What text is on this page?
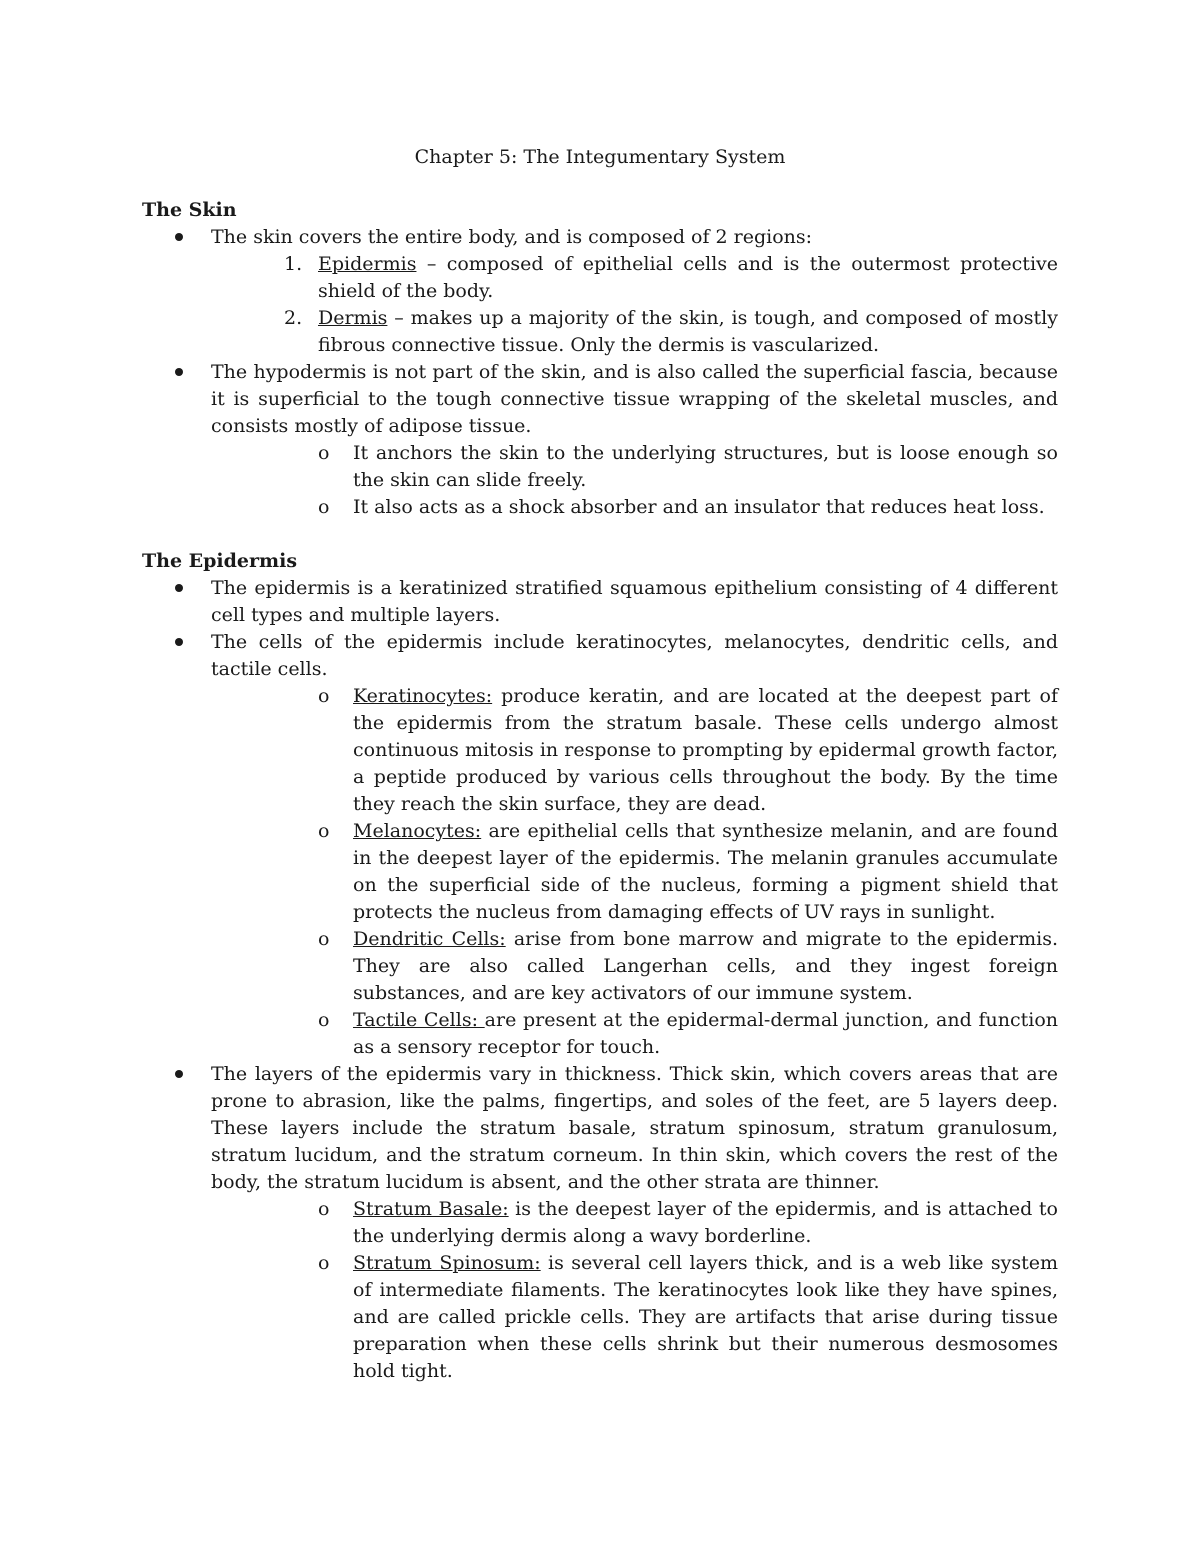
Chapter 5: The Integumentary System

The Skin

The skin covers the entire body, and is composed of 2 regions:
1. Epidermis – composed of epithelial cells and is the outermost protective shield of the body.
2. Dermis – makes up a majority of the skin, is tough, and composed of mostly fibrous connective tissue. Only the dermis is vascularized.
The hypodermis is not part of the skin, and is also called the superficial fascia, because it is superficial to the tough connective tissue wrapping of the skeletal muscles, and consists mostly of adipose tissue.
o It anchors the skin to the underlying structures, but is loose enough so the skin can slide freely.
o It also acts as a shock absorber and an insulator that reduces heat loss.

The Epidermis

The epidermis is a keratinized stratified squamous epithelium consisting of 4 different cell types and multiple layers.
The cells of the epidermis include keratinocytes, melanocytes, dendritic cells, and tactile cells.
o Keratinocytes: produce keratin, and are located at the deepest part of the epidermis from the stratum basale. These cells undergo almost continuous mitosis in response to prompting by epidermal growth factor, a peptide produced by various cells throughout the body. By the time they reach the skin surface, they are dead.
o Melanocytes: are epithelial cells that synthesize melanin, and are found in the deepest layer of the epidermis. The melanin granules accumulate on the superficial side of the nucleus, forming a pigment shield that protects the nucleus from damaging effects of UV rays in sunlight.
o Dendritic Cells: arise from bone marrow and migrate to the epidermis. They are also called Langerhan cells, and they ingest foreign substances, and are key activators of our immune system.
o Tactile Cells: are present at the epidermal-dermal junction, and function as a sensory receptor for touch.
The layers of the epidermis vary in thickness. Thick skin, which covers areas that are prone to abrasion, like the palms, fingertips, and soles of the feet, are 5 layers deep. These layers include the stratum basale, stratum spinosum, stratum granulosum, stratum lucidum, and the stratum corneum. In thin skin, which covers the rest of the body, the stratum lucidum is absent, and the other strata are thinner.
o Stratum Basale: is the deepest layer of the epidermis, and is attached to the underlying dermis along a wavy borderline.
o Stratum Spinosum: is several cell layers thick, and is a web like system of intermediate filaments. The keratinocytes look like they have spines, and are called prickle cells. They are artifacts that arise during tissue preparation when these cells shrink but their numerous desmosomes hold tight.
